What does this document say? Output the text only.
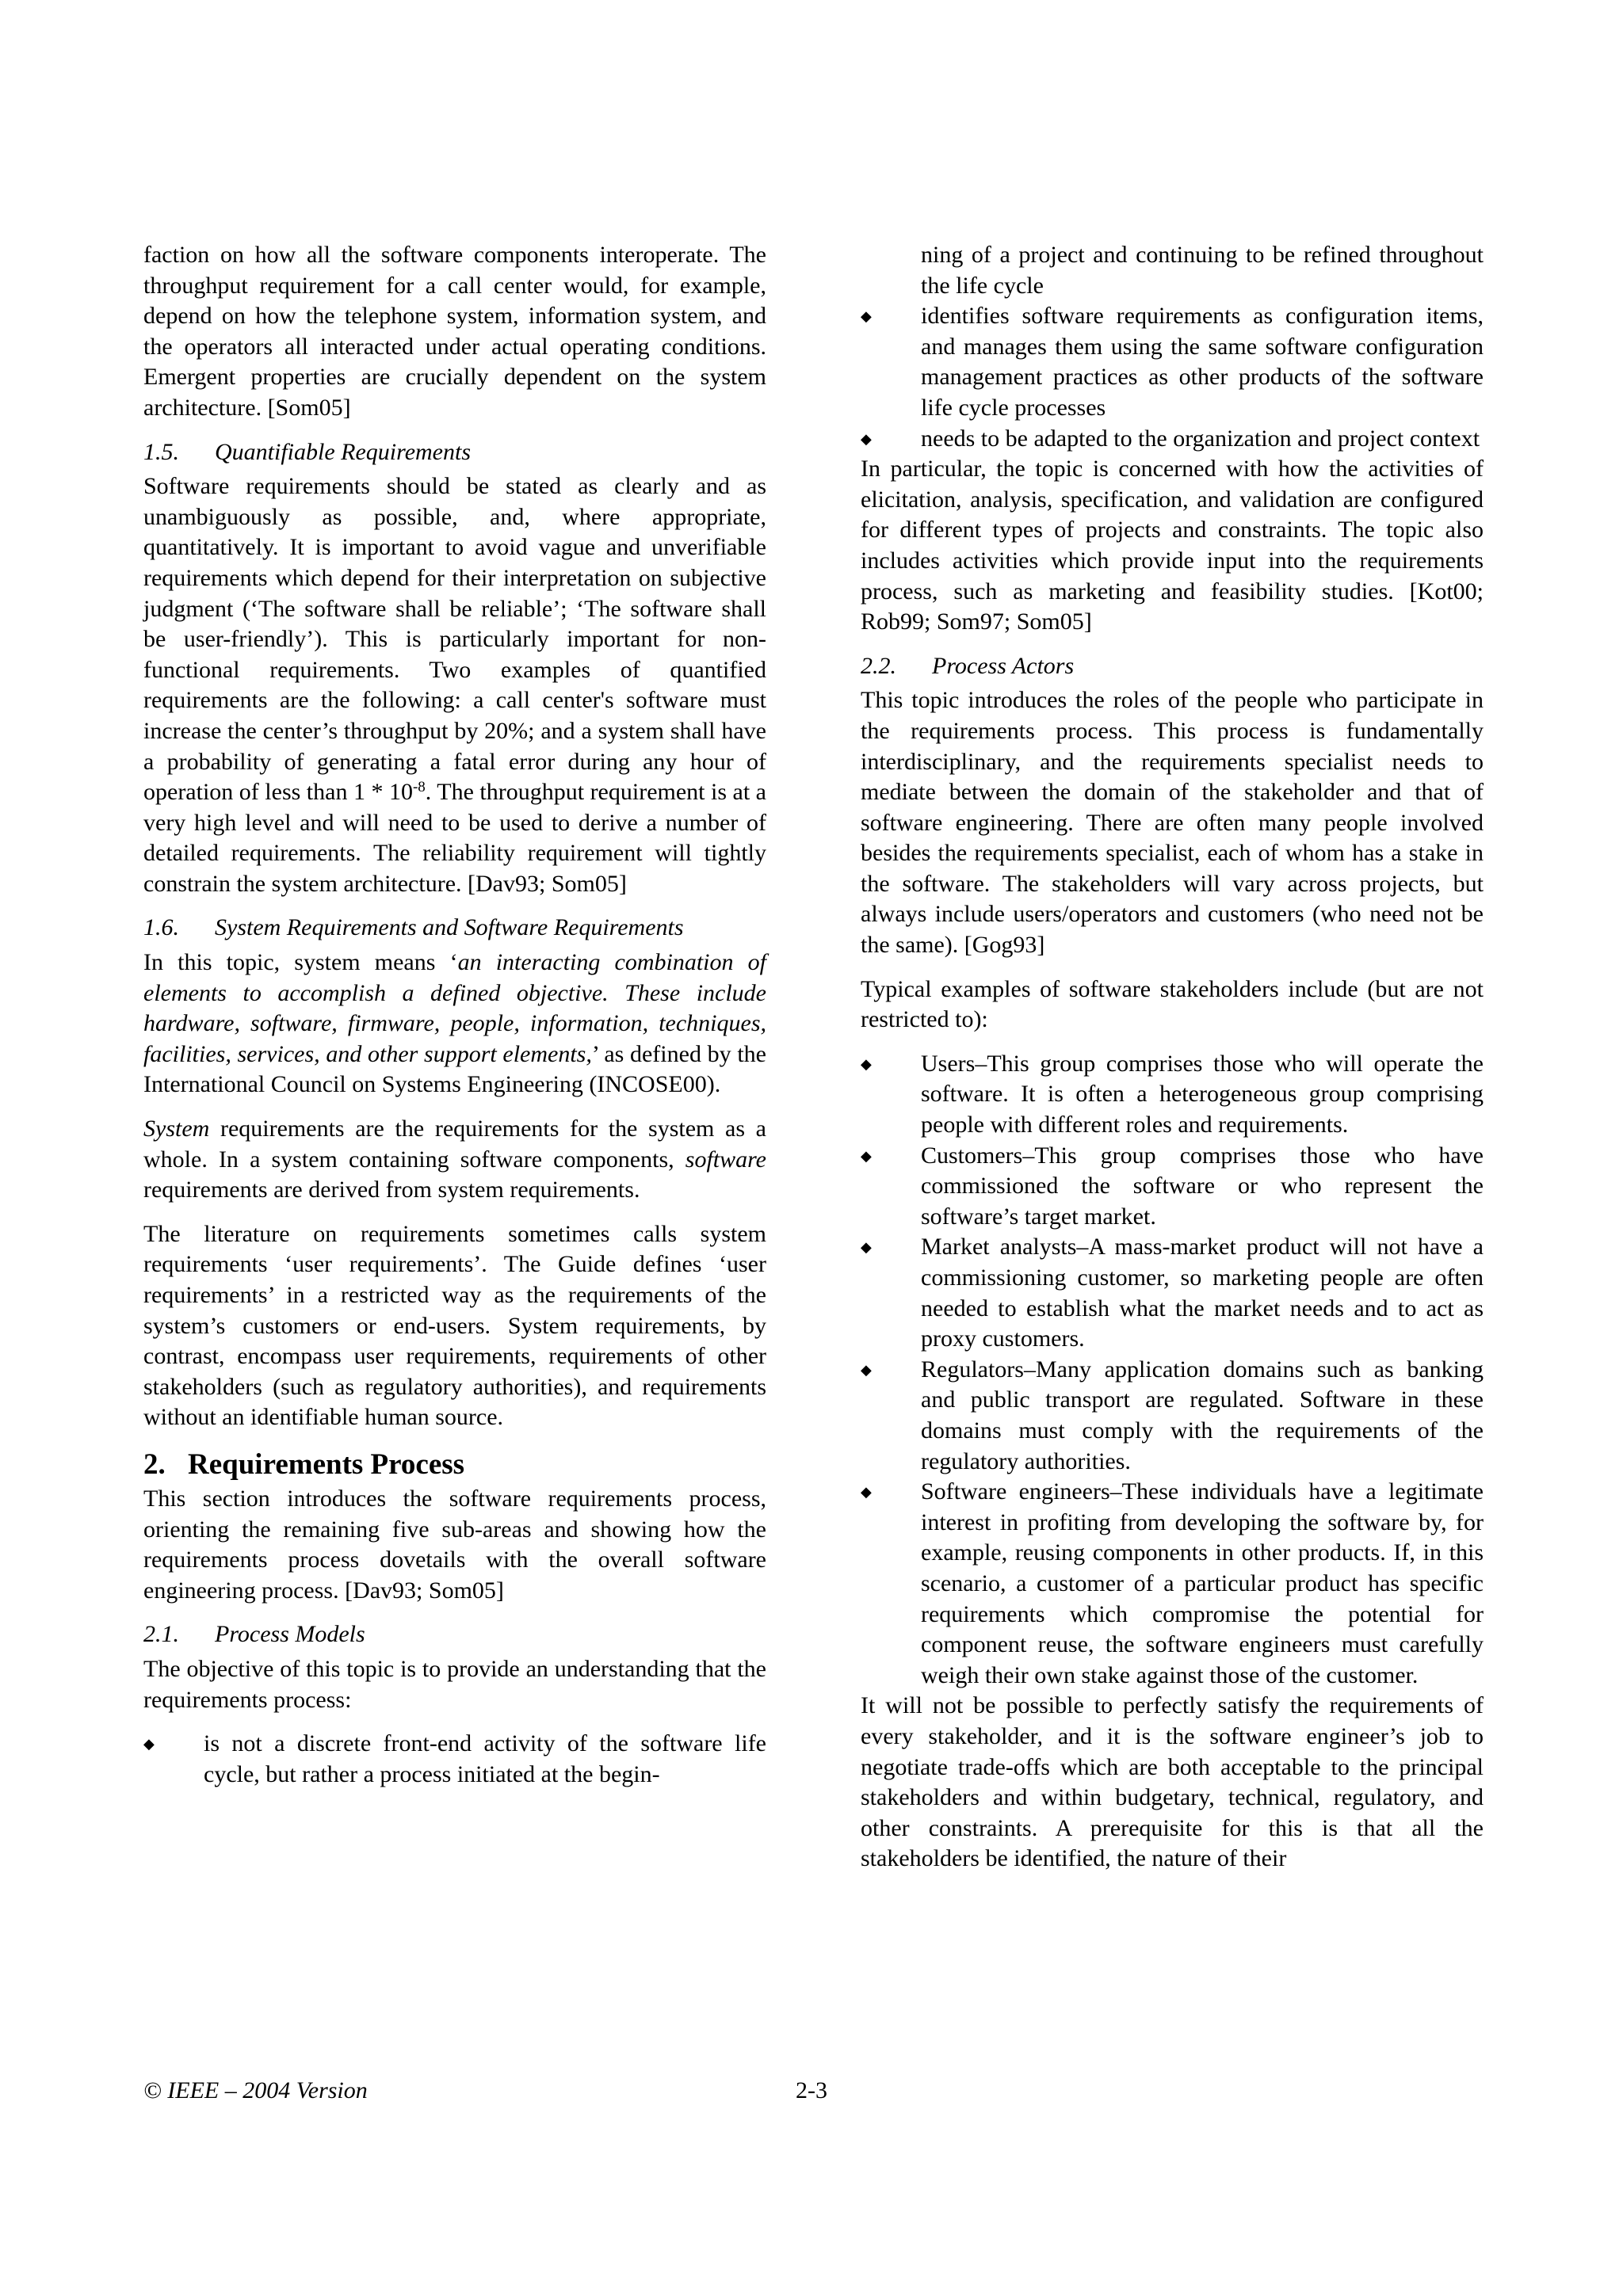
faction on how all the software components interoperate. The throughput requirement for a call center would, for example, depend on how the telephone system, information system, and the operators all interacted under actual operating conditions. Emergent properties are crucially dependent on the system architecture. [Som05]

1.5. Quantifiable Requirements

Software requirements should be stated as clearly and as unambiguously as possible, and, where appropriate, quantitatively. It is important to avoid vague and unverifiable requirements which depend for their interpretation on subjective judgment (‘The software shall be reliable’; ‘The software shall be user-friendly’). This is particularly important for non-functional requirements. Two examples of quantified requirements are the following: a call center's software must increase the center’s throughput by 20%; and a system shall have a probability of generating a fatal error during any hour of operation of less than $1 * 10^{-8}$. The throughput requirement is at a very high level and will need to be used to derive a number of detailed requirements. The reliability requirement will tightly constrain the system architecture. [Dav93; Som05]

1.6. System Requirements and Software Requirements

In this topic, system means ‘an interacting combination of elements to accomplish a defined objective. These include hardware, software, firmware, people, information, techniques, facilities, services, and other support elements,’ as defined by the International Council on Systems Engineering (INCOSE00).

System requirements are the requirements for the system as a whole. In a system containing software components, software requirements are derived from system requirements.

The literature on requirements sometimes calls system requirements ‘user requirements’. The Guide defines ‘user requirements’ in a restricted way as the requirements of the system’s customers or end-users. System requirements, by contrast, encompass user requirements, requirements of other stakeholders (such as regulatory authorities), and requirements without an identifiable human source.

2. Requirements Process

This section introduces the software requirements process, orienting the remaining five sub-areas and showing how the requirements process dovetails with the overall software engineering process. [Dav93; Som05]

2.1. Process Models

The objective of this topic is to provide an understanding that the requirements process:

◆ is not a discrete front-end activity of the software life cycle, but rather a process initiated at the begin-
ning of a project and continuing to be refined throughout the life cycle
◆ identifies software requirements as configuration items, and manages them using the same software configuration management practices as other products of the software life cycle processes
◆ needs to be adapted to the organization and project context

In particular, the topic is concerned with how the activities of elicitation, analysis, specification, and validation are configured for different types of projects and constraints. The topic also includes activities which provide input into the requirements process, such as marketing and feasibility studies. [Kot00; Rob99; Som97; Som05]

2.2. Process Actors

This topic introduces the roles of the people who participate in the requirements process. This process is fundamentally interdisciplinary, and the requirements specialist needs to mediate between the domain of the stakeholder and that of software engineering. There are often many people involved besides the requirements specialist, each of whom has a stake in the software. The stakeholders will vary across projects, but always include users/operators and customers (who need not be the same). [Gog93]

Typical examples of software stakeholders include (but are not restricted to):

◆ Users–This group comprises those who will operate the software. It is often a heterogeneous group comprising people with different roles and requirements.
◆ Customers–This group comprises those who have commissioned the software or who represent the software’s target market.
◆ Market analysts–A mass-market product will not have a commissioning customer, so marketing people are often needed to establish what the market needs and to act as proxy customers.
◆ Regulators–Many application domains such as banking and public transport are regulated. Software in these domains must comply with the requirements of the regulatory authorities.
◆ Software engineers–These individuals have a legitimate interest in profiting from developing the software by, for example, reusing components in other products. If, in this scenario, a customer of a particular product has specific requirements which compromise the potential for component reuse, the software engineers must carefully weigh their own stake against those of the customer.

It will not be possible to perfectly satisfy the requirements of every stakeholder, and it is the software engineer’s job to negotiate trade-offs which are both acceptable to the principal stakeholders and within budgetary, technical, regulatory, and other constraints. A prerequisite for this is that all the stakeholders be identified, the nature of their

© IEEE – 2004 Version	2-3
